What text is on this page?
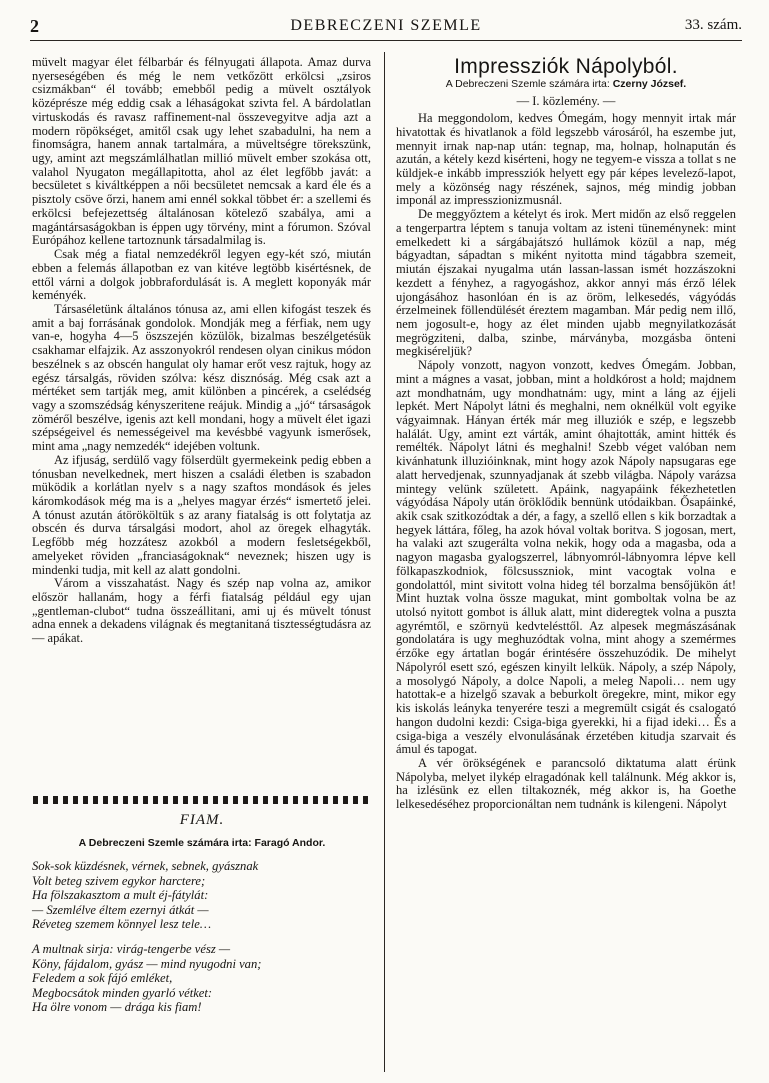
2	DEBRECZENI SZEMLE	33. szám.

müvelt magyar élet félbarbár és félnyugati állapota. Amaz durva nyerseségében és még le nem vetkőzött erkölcsi „zsiros csizmákban“ él tovább; emebből pedig a müvelt osztályok középrésze még eddig csak a léhaságokat szivta fel. A bárdolatlan virtuskodás és ravasz raffinement-nal összevegyitve adja azt a modern röpökséget, amitől csak ugy lehet szabadulni, ha nem a finomságra, hanem annak tartalmára, a müveltségre törekszünk, ugy, amint azt megszámlálhatlan millió müvelt ember szokása ott, valahol Nyugaton megállapitotta, ahol az élet legfőbb javát: a becsületet s kiváltképpen a női becsületet nemcsak a kard éle és a pisztoly csöve őrzi, hanem ami ennél sokkal többet ér: a szellemi és erkölcsi befejezettség általánosan kötelező szabálya, ami a magántársaságokban is éppen ugy törvény, mint a fórumon. Szóval Európához kellene tartoznunk társadalmilag is.

Csak még a fiatal nemzedékről legyen egy-két szó, miután ebben a felemás állapotban ez van kitéve legtöbb kisértésnek, de ettől várni a dolgok jobbrafordulását is. A meglett koponyák már keményék.

Társaséletünk általános tónusa az, ami ellen kifogást teszek és amit a baj forrásának gondolok. Mondják meg a férfiak, nem ugy van-e, hogyha 4—5 öszszején közülök, bizalmas beszélgetésük csakhamar elfajzik. Az asszonyokról rendesen olyan cinikus módon beszélnek s az obscén hangulat oly hamar erőt vesz rajtuk, hogy az egész társalgás, röviden szólva: kész disznóság. Még csak azt a mértéket sem tartják meg, amit különben a pincérek, a cselédség vagy a szomszédság kényszeritene reájuk. Mindig a „jó“ társaságok zöméről beszélve, igenis azt kell mondani, hogy a müvelt élet igazi szépségeivel és nemességeivel ma kevésbbé vagyunk ismerősek, mint ama „nagy nemzedék“ idejében voltunk.

Az ifjuság, serdülő vagy fölserdült gyermekeink pedig ebben a tónusban nevelkednek, mert hiszen a családi életben is szabadon müködik a korlátlan nyelv s a nagy szaftos mondások és jeles káromkodások még ma is a „helyes magyar érzés“ ismertető jelei. A tónust azután átörököltük s az arany fiatalság is ott folytatja az obscén és durva társalgási modort, ahol az öregek elhagyták. Legfőbb még hozzátesz azokból a modern fesletségekből, amelyeket röviden „franciaságoknak“ neveznek; hiszen ugy is mindenki tudja, mit kell az alatt gondolni.

Várom a visszahatást. Nagy és szép nap volna az, amikor először hallanám, hogy a férfi fiatalság például egy ujan „gentleman-clubot“ tudna összeállitani, ami uj és müvelt tónust adna ennek a dekadens világnak és megtanitaná tisztességtudásra az — apákat.

FIAM.
A Debreczeni Szemle számára irta: Faragó Andor.
Sok-sok küzdésnek, vérnek, sebnek, gyásznak
Volt beteg szivem egykor harctere;
Ha fölszakasztom a mult éj-fátylát:
— Szemlélve éltem ezernyi átkát —
Réveteg szemem könnyel lesz tele…
A multnak sirja: virág-tengerbe vész —
Köny, fájdalom, gyász — mind nyugodni van;
Feledem a sok fájó emléket,
Megbocsátok minden gyarló vétket:
Ha ölre vonom — drága kis fiam!
Impressziók Nápolyból.
A Debreczeni Szemle számára irta: Czerny József.
— I. közlemény. —

Ha meggondolom, kedves Ómegám, hogy mennyit irtak már hivatottak és hivatlanok a föld legszebb városáról, ha eszembe jut, mennyit irnak nap-nap után: tegnap, ma, holnap, holnapután és azután, a kétely kezd kisérteni, hogy ne tegyem-e vissza a tollat s ne küldjek-e inkább impressziók helyett egy pár képes levelező-lapot, mely a közönség nagy részének, sajnos, még mindig jobban imponál az impresszionizmusnál.

De meggyőztem a kételyt és irok. Mert midőn az első reggelen a tengerpartra léptem s tanuja voltam az isteni tüneménynek: mint emelkedett ki a sárgábajátszó hullámok közül a nap, még bágyadtan, sápadtan s miként nyitotta mind tágabbra szemeit, miután éjszakai nyugalma után lassan-lassan ismét hozzászokni kezdett a fényhez, a ragyogáshoz, akkor annyi más érző lélek ujongásához hasonlóan én is az öröm, lelkesedés, vágyódás érzelmeinek föllendülését éreztem magamban. Már pedig nem illő, nem jogosult-e, hogy az élet minden ujabb megnyilatkozását megrögziteni, dalba, szinbe, márványba, mozgásba önteni megkiséreljük?

Nápoly vonzott, nagyon vonzott, kedves Ómegám. Jobban, mint a mágnes a vasat, jobban, mint a holdkórost a hold; majdnem azt mondhatnám, ugy mondhatnám: ugy, mint a láng az éjjeli lepkét. Mert Nápolyt látni és meghalni, nem oknélkül volt egyike vágyaimnak. Hányan érték már meg illuziók e szép, e legszebb halálát. Ugy, amint ezt várták, amint óhajtották, amint hitték és remélték. Nápolyt látni és meghalni! Szebb véget valóban nem kivánhatunk illuzióinknak, mint hogy azok Nápoly napsugaras ege alatt hervedjenak, szunnyadjanak át szebb világba. Nápoly varázsa mintegy velünk született. Apáink, nagyapáink fékezhetetlen vágyódása Nápoly után öröklődik bennünk utódaikban. Ősapáinké, akik csak szitkozódtak a dér, a fagy, a szellő ellen s kik borzadtak a hegyek láttára, főleg, ha azok hóval voltak boritva. S jogosan, mert, ha valaki azt szugerálta volna nekik, hogy oda a magasba, oda a nagyon magasba gyalogszerrel, lábnyomról-lábnyomra lépve kell fölkapaszkodniok, fölcsusszniok, mint vacogtak volna e gondolattól, mint sivitott volna hideg tél borzalma bensőjükön át! Mint huztak volna össze magukat, mint gomboltak volna be az utolsó nyitott gombot is álluk alatt, mint dideregtek volna a puszta agyrémtől, e szörnyü kedvtelésttől. Az alpesek megmászásának gondolatára is ugy meghuzódtak volna, mint ahogy a szemérmes érzőke egy ártatlan bogár érintésére összehuzódik. De mihelyt Nápolyról esett szó, egészen kinyilt lelkük. Nápoly, a szép Nápoly, a mosolygó Nápoly, a dolce Napoli, a meleg Napoli… nem ugy hatottak-e a hizelgő szavak a beburkolt öregekre, mint, mikor egy kis iskolás leányka tenyerére teszi a megremült csigát és csalogató hangon dudolni kezdi: Csiga-biga gyerekki, hi a fijad ideki… És a csiga-biga a veszély elvonulásának érzetében kitudja szarvait és ámul és tapogat.

A vér örökségének e parancsoló diktatuma alatt érünk Nápolyba, melyet ilykép elragadónak kell találnunk. Még akkor is, ha izlésünk ez ellen tiltakoznék, még akkor is, ha Goethe lelkesedéséhez proporcionáltan nem tudnánk is kilengeni. Nápolyt
